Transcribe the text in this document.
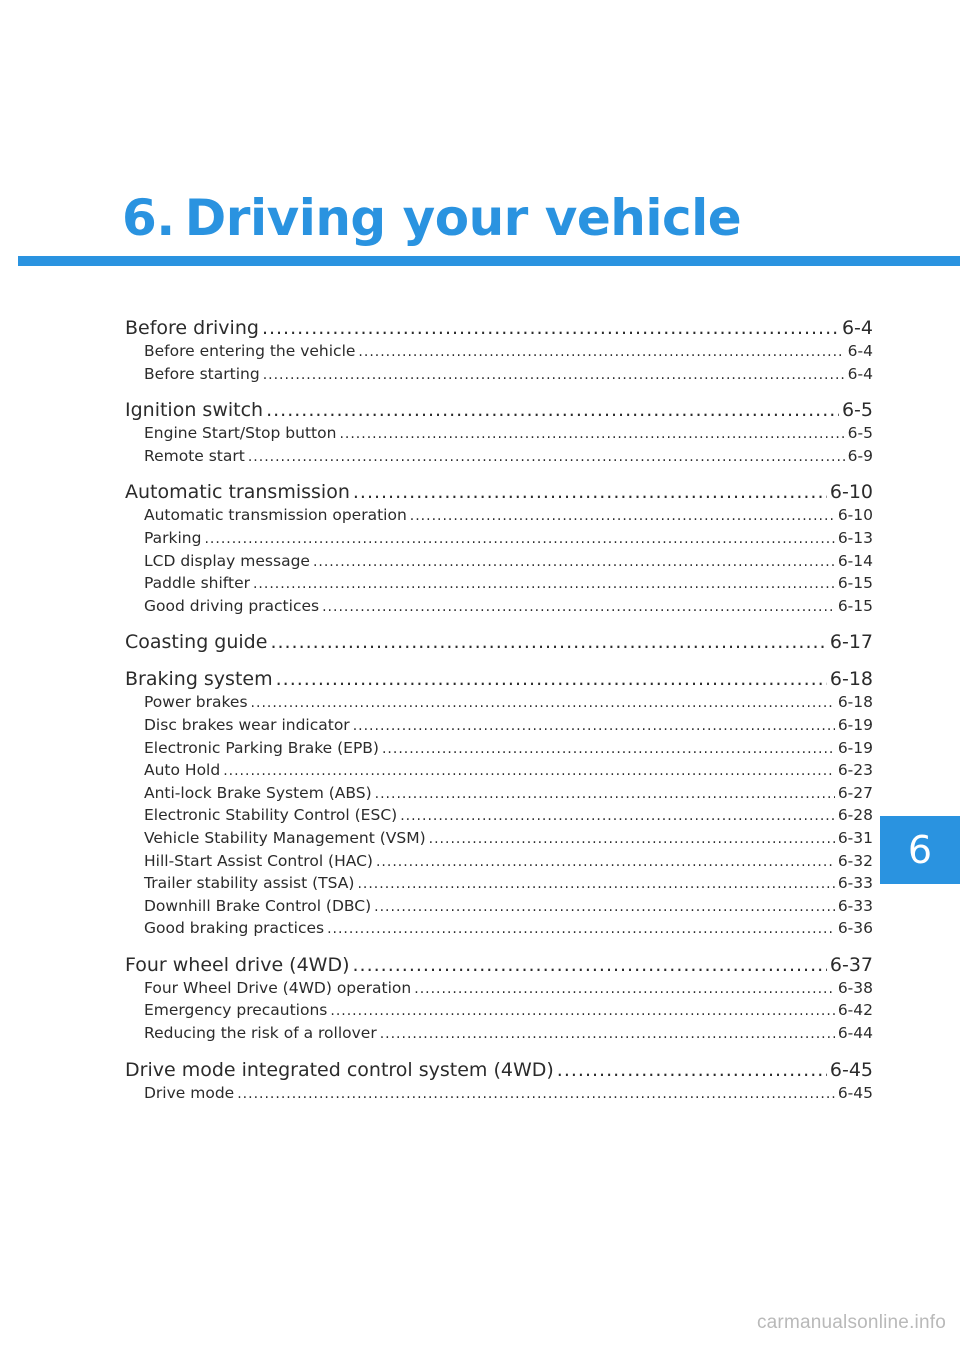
6. Driving your vehicle
Before driving .....	6-4
Before entering the vehicle .....	6-4
Before starting .....	6-4
Ignition switch .....	6-5
Engine Start/Stop button .....	6-5
Remote start .....	6-9
Automatic transmission .....	6-10
Automatic transmission operation .....	6-10
Parking .....	6-13
LCD display message .....	6-14
Paddle shifter .....	6-15
Good driving practices .....	6-15
Coasting guide .....	6-17
Braking system .....	6-18
Power brakes .....	6-18
Disc brakes wear indicator .....	6-19
Electronic Parking Brake (EPB) .....	6-19
Auto Hold .....	6-23
Anti-lock Brake System (ABS) .....	6-27
Electronic Stability Control (ESC) .....	6-28
Vehicle Stability Management (VSM) .....	6-31
Hill-Start Assist Control (HAC) .....	6-32
Trailer stability assist (TSA) .....	6-33
Downhill Brake Control (DBC) .....	6-33
Good braking practices .....	6-36
Four wheel drive (4WD) .....	6-37
Four Wheel Drive (4WD) operation .....	6-38
Emergency precautions .....	6-42
Reducing the risk of a rollover .....	6-44
Drive mode integrated control system (4WD) .....	6-45
Drive mode .....	6-45
6
carmanualsonline.info
